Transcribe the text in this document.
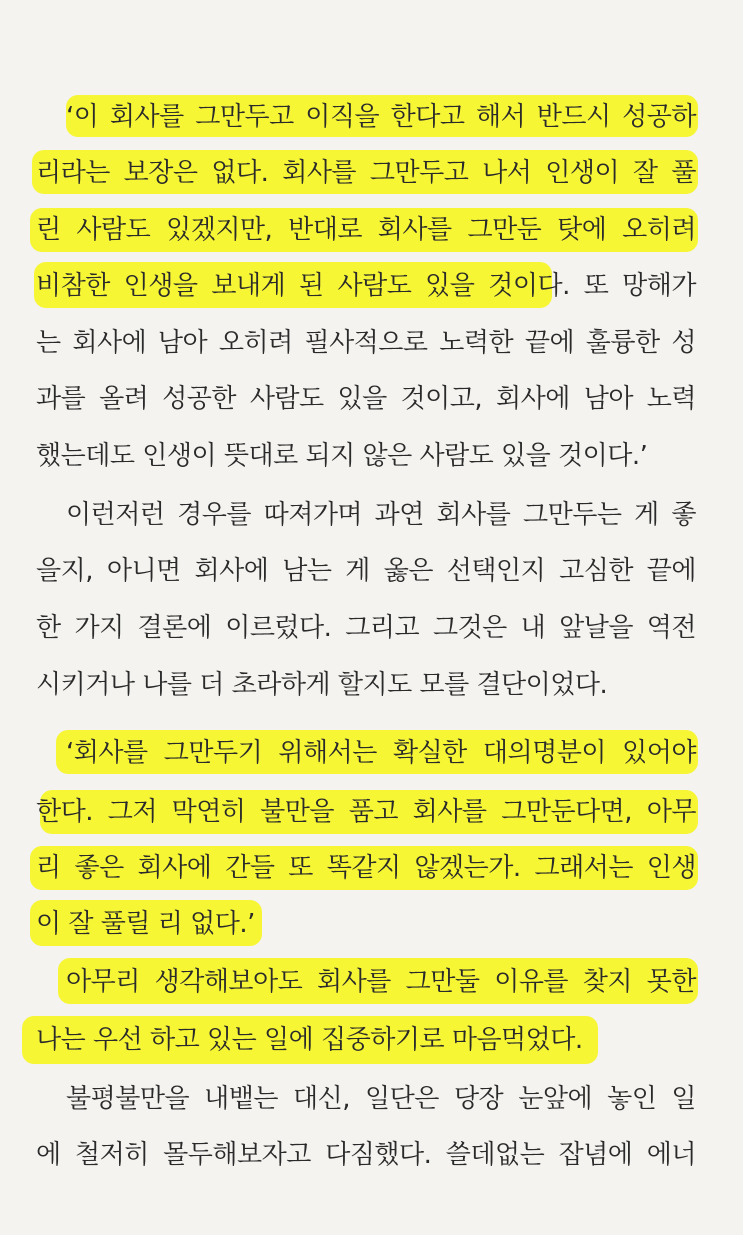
‘이 회사를 그만두고 이직을 한다고 해서 반드시 성공하
리라는 보장은 없다. 회사를 그만두고 나서 인생이 잘 풀
린 사람도 있겠지만, 반대로 회사를 그만둔 탓에 오히려
비참한 인생을 보내게 된 사람도 있을 것이다. 또 망해가
는 회사에 남아 오히려 필사적으로 노력한 끝에 훌륭한 성
과를 올려 성공한 사람도 있을 것이고, 회사에 남아 노력
했는데도 인생이 뜻대로 되지 않은 사람도 있을 것이다.’
이런저런 경우를 따져가며 과연 회사를 그만두는 게 좋
을지, 아니면 회사에 남는 게 옳은 선택인지 고심한 끝에
한 가지 결론에 이르렀다. 그리고 그것은 내 앞날을 역전
시키거나 나를 더 초라하게 할지도 모를 결단이었다.
‘회사를 그만두기 위해서는 확실한 대의명분이 있어야
한다. 그저 막연히 불만을 품고 회사를 그만둔다면, 아무
리 좋은 회사에 간들 또 똑같지 않겠는가. 그래서는 인생
이 잘 풀릴 리 없다.’
아무리 생각해보아도 회사를 그만둘 이유를 찾지 못한
나는 우선 하고 있는 일에 집중하기로 마음먹었다.
불평불만을 내뱉는 대신, 일단은 당장 눈앞에 놓인 일
에 철저히 몰두해보자고 다짐했다. 쓸데없는 잡념에 에너
